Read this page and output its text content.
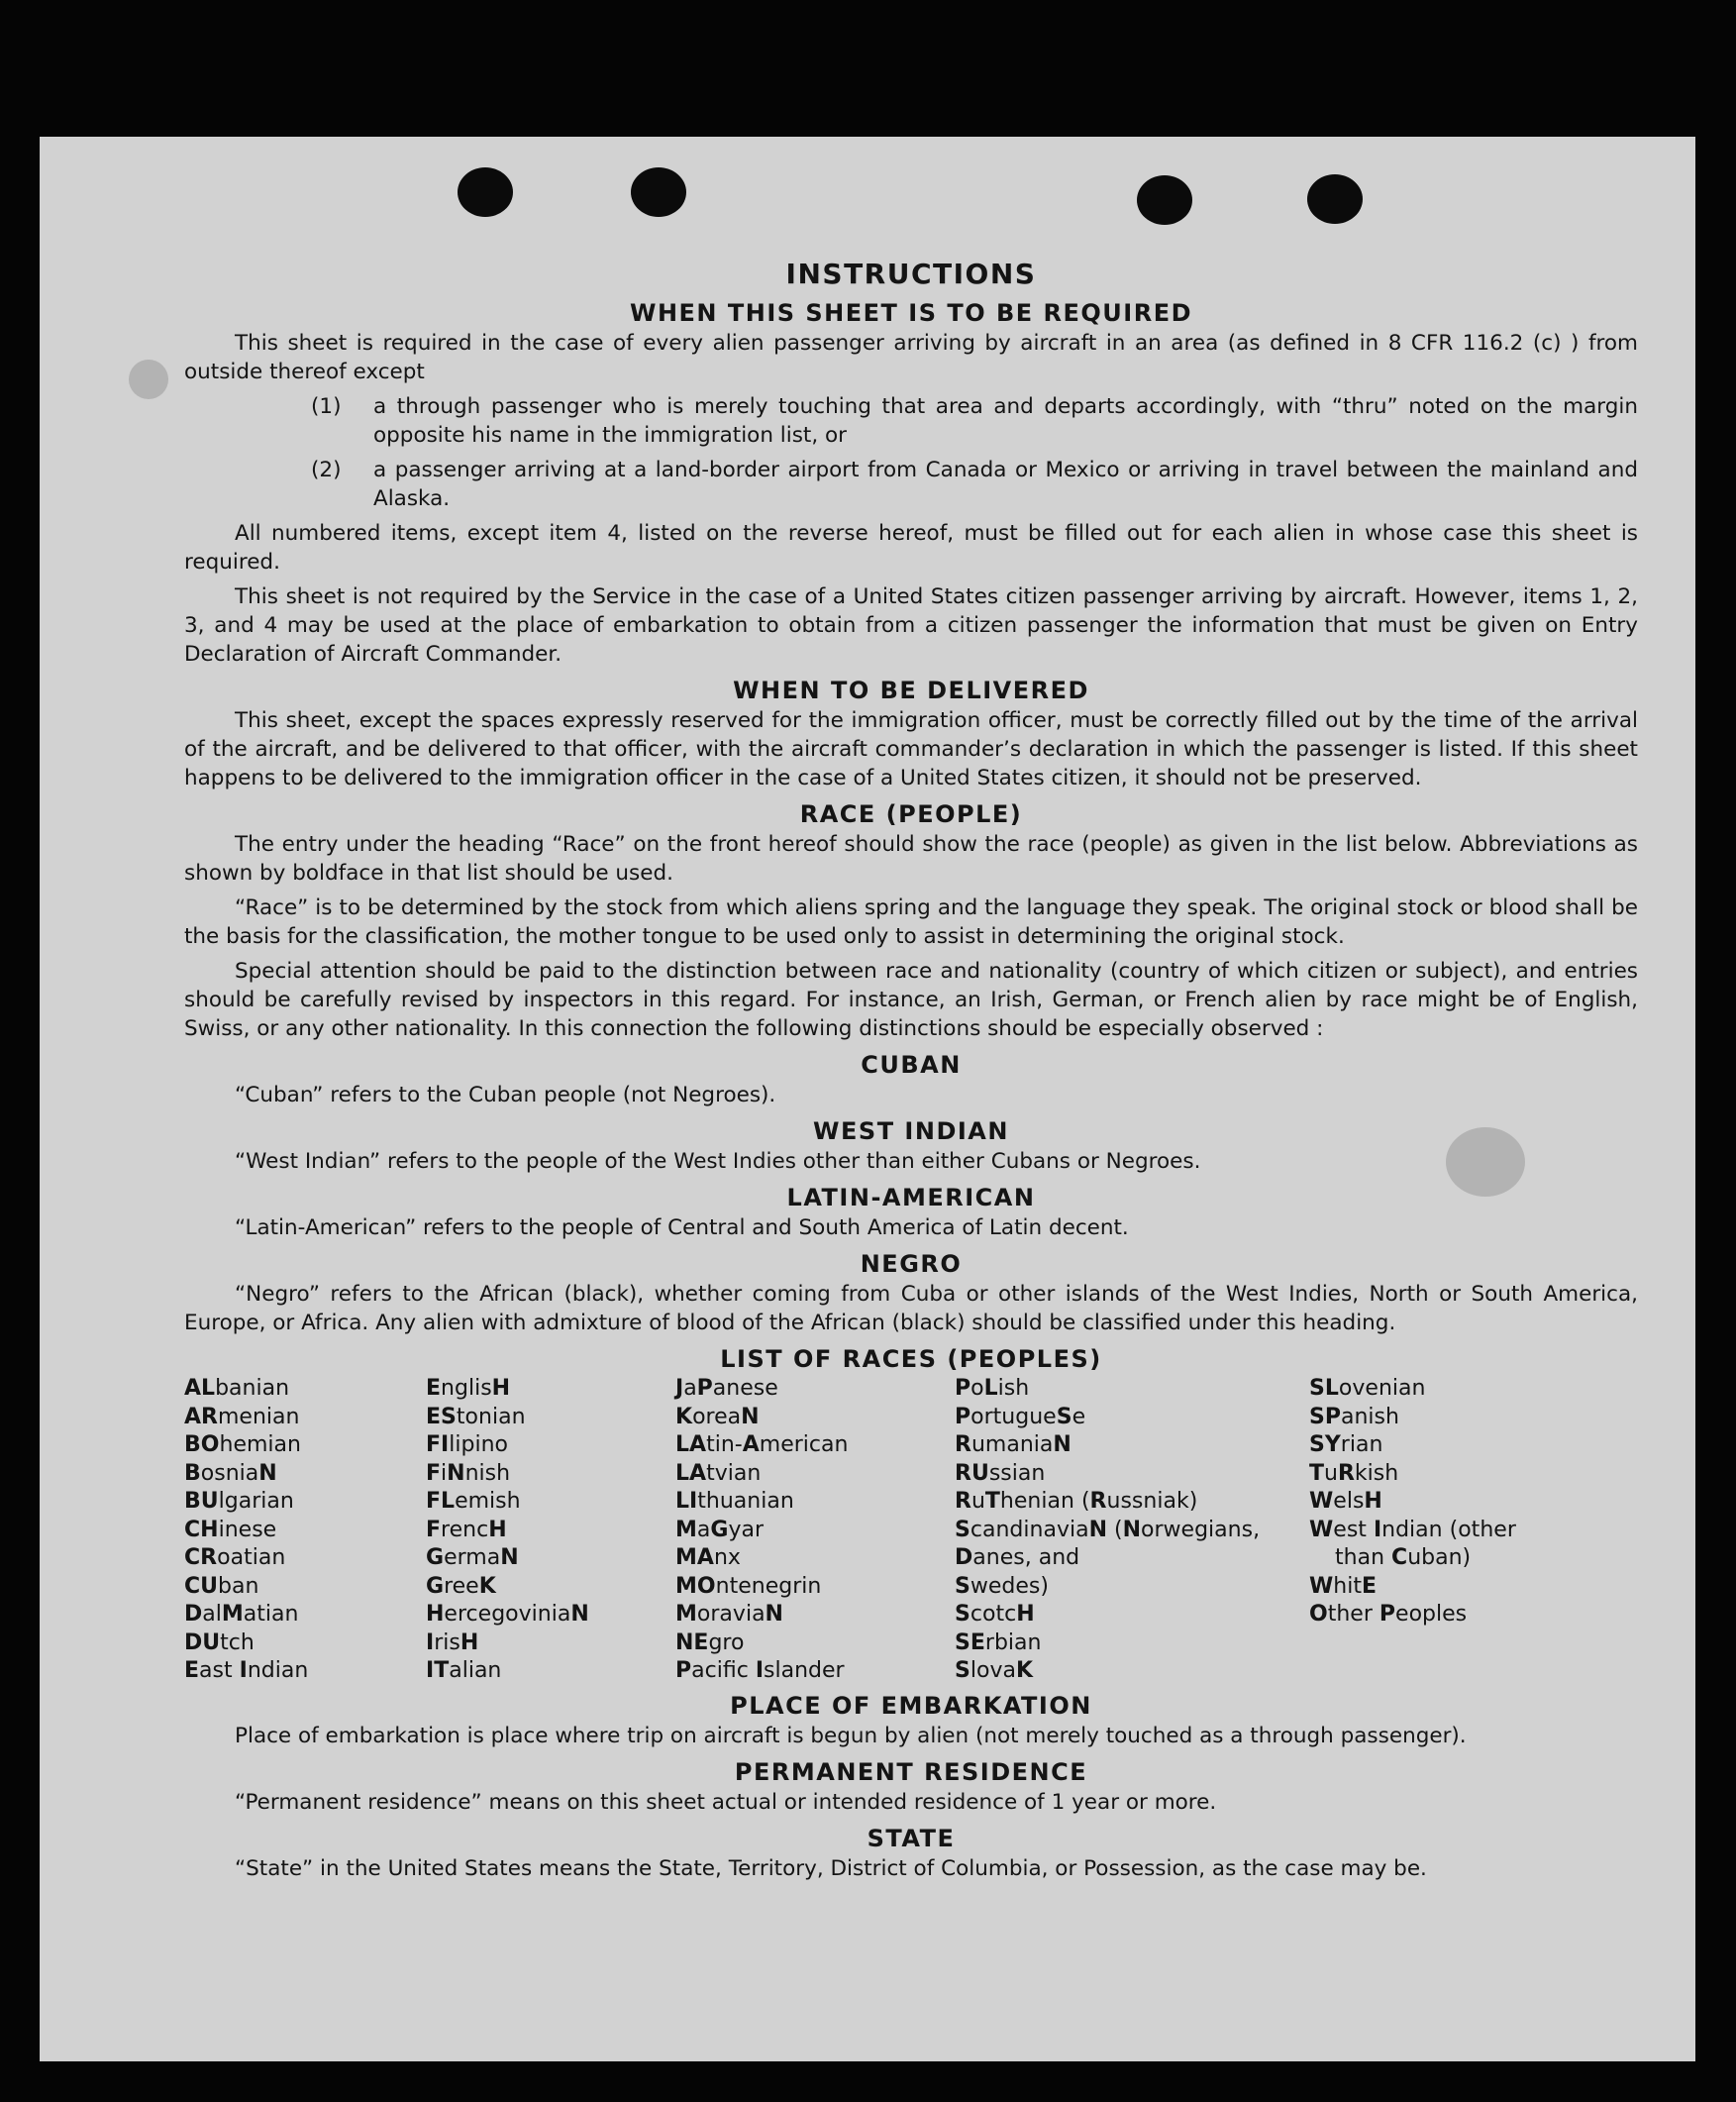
INSTRUCTIONS
WHEN THIS SHEET IS TO BE REQUIRED

This sheet is required in the case of every alien passenger arriving by aircraft in an area (as defined in 8 CFR 116.2 (c) ) from outside thereof except

(1)	a through passenger who is merely touching that area and departs accordingly, with “thru” noted on the margin opposite his name in the immigration list, or
(2)	a passenger arriving at a land-border airport from Canada or Mexico or arriving in travel between the mainland and Alaska.

All numbered items, except item 4, listed on the reverse hereof, must be filled out for each alien in whose case this sheet is required.

This sheet is not required by the Service in the case of a United States citizen passenger arriving by aircraft. However, items 1, 2, 3, and 4 may be used at the place of embarkation to obtain from a citizen passenger the information that must be given on Entry Declaration of Aircraft Commander.

WHEN TO BE DELIVERED

This sheet, except the spaces expressly reserved for the immigration officer, must be correctly filled out by the time of the arrival of the aircraft, and be delivered to that officer, with the aircraft commander’s declaration in which the passenger is listed. If this sheet happens to be delivered to the immigration officer in the case of a United States citizen, it should not be preserved.

RACE (PEOPLE)

The entry under the heading “Race” on the front hereof should show the race (people) as given in the list below. Abbreviations as shown by boldface in that list should be used.

“Race” is to be determined by the stock from which aliens spring and the language they speak. The original stock or blood shall be the basis for the classification, the mother tongue to be used only to assist in determining the original stock.

Special attention should be paid to the distinction between race and nationality (country of which citizen or subject), and entries should be carefully revised by inspectors in this regard. For instance, an Irish, German, or French alien by race might be of English, Swiss, or any other nationality. In this connection the following distinctions should be especially observed :

CUBAN

“Cuban” refers to the Cuban people (not Negroes).

WEST INDIAN

“West Indian” refers to the people of the West Indies other than either Cubans or Negroes.

LATIN-AMERICAN

“Latin-American” refers to the people of Central and South America of Latin decent.

NEGRO

“Negro” refers to the African (black), whether coming from Cuba or other islands of the West Indies, North or South America, Europe, or Africa. Any alien with admixture of blood of the African (black) should be classified under this heading.

LIST OF RACES (PEOPLES)
ALbanian
ARmenian
BOhemian
BosniaN
BUlgarian
CHinese
CRoatian
CUban
DalMatian
DUtch
East Indian
EnglisH
EStonian
FIlipino
FiNnish
FLemish
FrencH
GermaN
GreeK
HercegoviniaN
IrisH
ITalian
JaPanese
KoreaN
LAtin-American
LAtvian
LIthuanian
MaGyar
MAnx
MOntenegrin
MoraviaN
NEgro
Pacifc Islander
PoLish
PortugueSe
RumaniaN
RUssian
RuThenian (Russniak)
ScandinaviaN (Norwegians,
Danes, and
Swedes)
ScotcH
SErbian
SlovaK
SLovenian
SPanish
SYrian
TuRkish
WelsH
West Indian (other
than Cuban)
WhitE
Other Peoples
PLACE OF EMBARKATION

Place of embarkation is place where trip on aircraft is begun by alien (not merely touched as a through passenger).

PERMANENT RESIDENCE

“Permanent residence” means on this sheet actual or intended residence of 1 year or more.

STATE

“State” in the United States means the State, Territory, District of Columbia, or Possession, as the case may be.
